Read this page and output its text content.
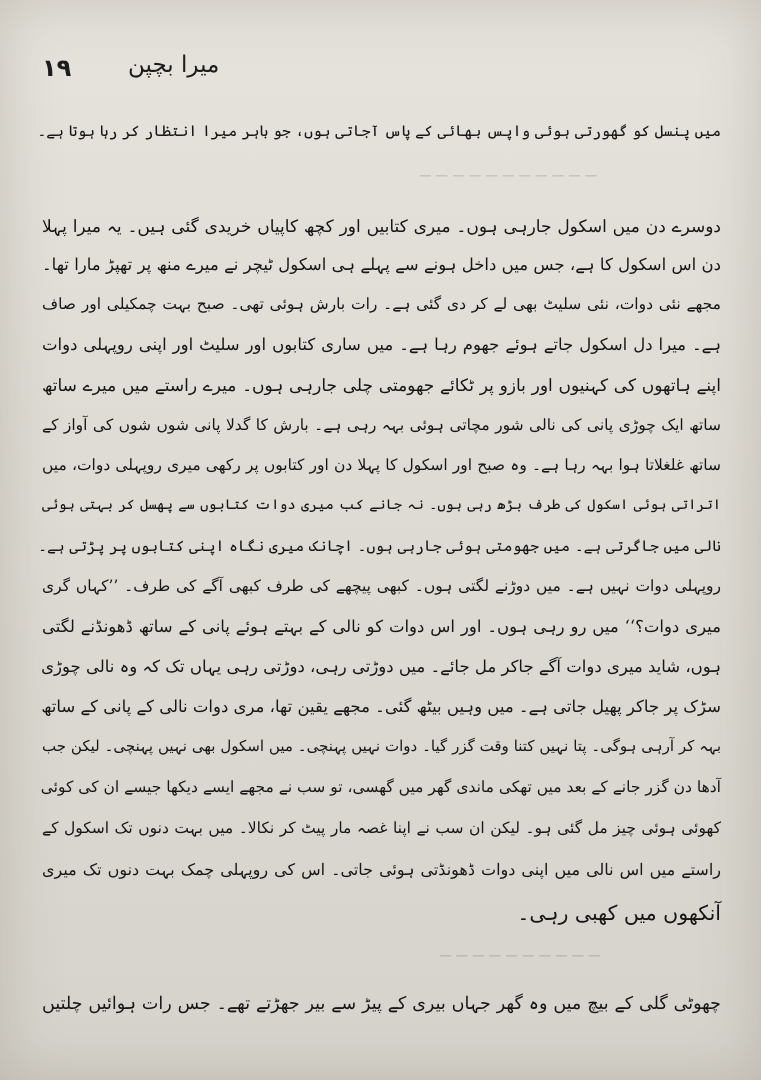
۱۹ میرا بچپن
─ ─ ─ ─ ─ ─ ─ ─ ─ ─ ─
─ ─ ─ ─ ─ ─ ─ ─ ─ ─
میں پنسل کو گھورتی ہوئی واپس بھائی کے پاس آجاتی ہوں، جو باہر میرا انتظار کر رہا ہوتا ہے۔
دوسرے دن میں اسکول جارہی ہوں۔ میری کتابیں اور کچھ کاپیاں خریدی گئی ہیں۔ یہ میرا پہلا
دن اس اسکول کا ہے، جس میں داخل ہونے سے پہلے ہی اسکول ٹیچر نے میرے منھ پر تھپڑ مارا تھا۔
مجھے نئی دوات، نئی سلیٹ بھی لے کر دی گئی ہے۔ رات بارش ہوئی تھی۔ صبح بہت چمکیلی اور صاف
ہے۔ میرا دل اسکول جاتے ہوئے جھوم رہا ہے۔ میں ساری کتابوں اور سلیٹ اور اپنی روپہلی دوات
اپنے ہاتھوں کی کہنیوں اور بازو پر ٹکائے جھومتی چلی جارہی ہوں۔ میرے راستے میں میرے ساتھ
ساتھ ایک چوڑی پانی کی نالی شور مچاتی ہوئی بہہ رہی ہے۔ بارش کا گدلا پانی شوں شوں کی آواز کے
ساتھ غلغلاتا ہوا بہہ رہا ہے۔ وہ صبح اور اسکول کا پہلا دن اور کتابوں پر رکھی میری روپہلی دوات، میں
اتراتی ہوئی اسکول کی طرف بڑھ رہی ہوں۔ نہ جانے کب میری دوات کتابوں سے پھسل کر بہتی ہوئی
نالی میں جاگرتی ہے۔ میں جھومتی ہوئی جارہی ہوں۔ اچانک میری نگاہ اپنی کتابوں پر پڑتی ہے۔
روپہلی دوات نہیں ہے۔ میں دوڑنے لگتی ہوں۔ کبھی پیچھے کی طرف کبھی آگے کی طرف۔ ’’کہاں گری
میری دوات؟‘‘ میں رو رہی ہوں۔ اور اس دوات کو نالی کے بہتے ہوئے پانی کے ساتھ ڈھونڈنے لگتی
ہوں، شاید میری دوات آگے جاکر مل جائے۔ میں دوڑتی رہی، دوڑتی رہی یہاں تک کہ وہ نالی چوڑی
سڑک پر جاکر پھیل جاتی ہے۔ میں وہیں بیٹھ گئی۔ مجھے یقین تھا، مری دوات نالی کے پانی کے ساتھ
بہہ کر آرہی ہوگی۔ پتا نہیں کتنا وقت گزر گیا۔ دوات نہیں پہنچی۔ میں اسکول بھی نہیں پہنچی۔ لیکن جب
آدھا دن گزر جانے کے بعد میں تھکی ماندی گھر میں گھسی، تو سب نے مجھے ایسے دیکھا جیسے ان کی کوئی
کھوئی ہوئی چیز مل گئی ہو۔ لیکن ان سب نے اپنا غصہ مار پیٹ کر نکالا۔ میں بہت دنوں تک اسکول کے
راستے میں اس نالی میں اپنی دوات ڈھونڈتی ہوئی جاتی۔ اس کی روپہلی چمک بہت دنوں تک میری
آنکھوں میں کھبی رہی۔
چھوٹی گلی کے بیچ میں وہ گھر جہاں بیری کے پیڑ سے بیر جھڑتے تھے۔ جس رات ہوائیں چلتیں
